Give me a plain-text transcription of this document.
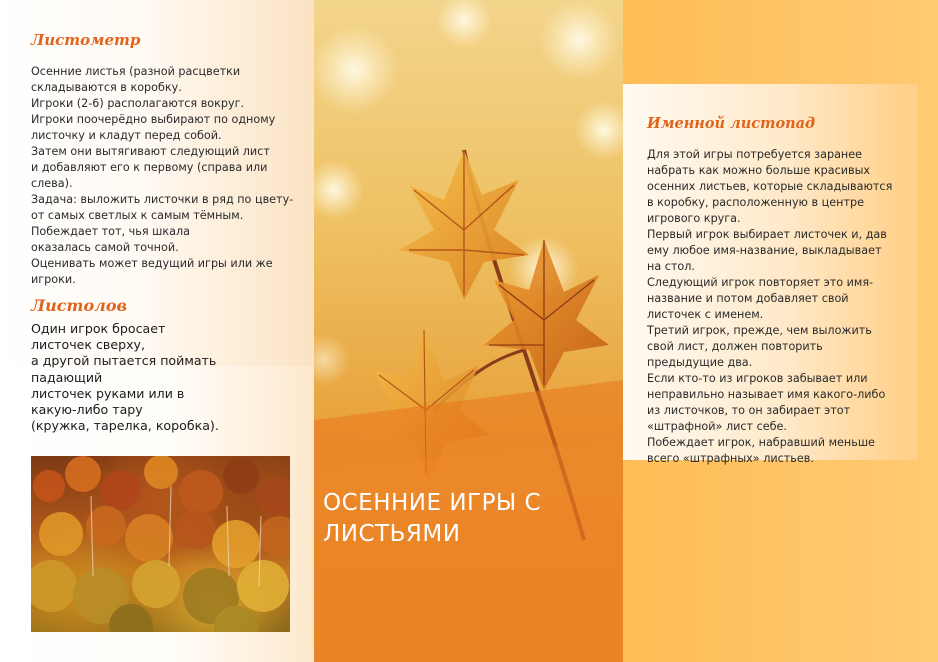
Листометр
Осенние листья (разной расцветки
складываются в коробку.
Игроки (2-6) располагаются вокруг.
Игроки поочерёдно выбирают по одному
листочку и кладут перед собой.
Затем они вытягивают следующий лист
и добавляют его к первому (справа или
слева).
Задача: выложить листочки в ряд по цвету-
от самых светлых к самым тёмным.
Побеждает тот, чья шкала
оказалась самой точной.
Оценивать может ведущий игры или же
игроки.
Листолов
Один игрок бросает
листочек сверху,
а другой пытается поймать
падающий
листочек руками или в
какую-либо тару
(кружка, тарелка, коробка).
ОСЕННИЕ ИГРЫ С
ЛИСТЬЯМИ
Именной листопад
Для этой игры потребуется заранее
набрать как можно больше красивых
осенних листьев, которые складываются
в коробку, расположенную в центре
игрового круга.
Первый игрок выбирает листочек и, дав
ему любое имя-название, выкладывает
на стол.
Следующий игрок повторяет это имя-
название и потом добавляет свой
листочек с именем.
Третий игрок, прежде, чем выложить
свой лист, должен повторить
предыдущие два.
Если кто-то из игроков забывает или
неправильно называет имя какого-либо
из листочков, то он забирает этот
«штрафной» лист себе.
Побеждает игрок, набравший меньше
всего «штрафных» листьев.
